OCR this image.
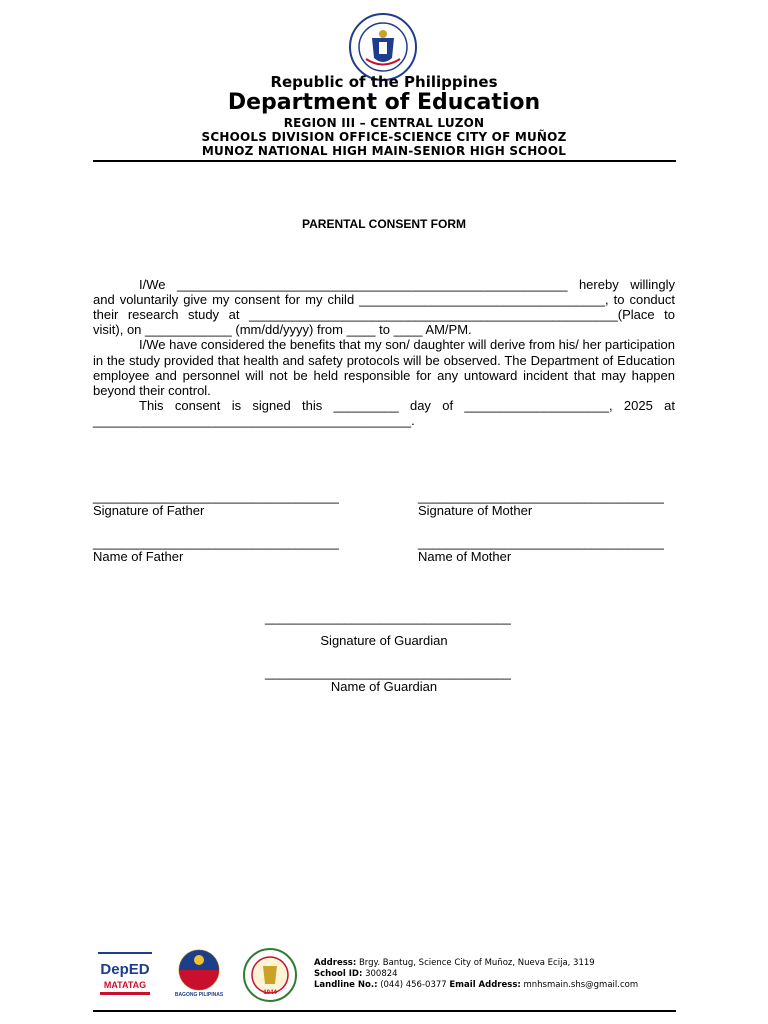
Republic of the Philippines
Department of Education
REGION III – CENTRAL LUZON
SCHOOLS DIVISION OFFICE-SCIENCE CITY OF MUÑOZ
MUNOZ NATIONAL HIGH MAIN-SENIOR HIGH SCHOOL
PARENTAL CONSENT FORM
I/We ______________________________________________________ hereby willingly
and voluntarily give my consent for my child __________________________________, to conduct
their research study at ___________________________________________________(Place to
visit), on ____________ (mm/dd/yyyy) from ____ to ____ AM/PM.
I/We have considered the benefits that my son/ daughter will derive from his/ her participation
in the study provided that health and safety protocols will be observed. The Department of Education
employee and personnel will not be held responsible for any untoward incident that may happen
beyond their control.
This consent is signed this _________ day of ____________________, 2025 at
____________________________________________.
__________________________________
Signature of Father
__________________________________
Signature of Mother
__________________________________
Name of Father
__________________________________
Name of Mother
__________________________________
Signature of Guardian
__________________________________
Name of Guardian
DepED
MATATAG
BAGONG PILIPINAS	1944
Address: Brgy. Bantug, Science City of Muñoz, Nueva Ecija, 3119
School ID: 300824
Landline No.: (044) 456-0377 Email Address: mnhsmain.shs@gmail.com
